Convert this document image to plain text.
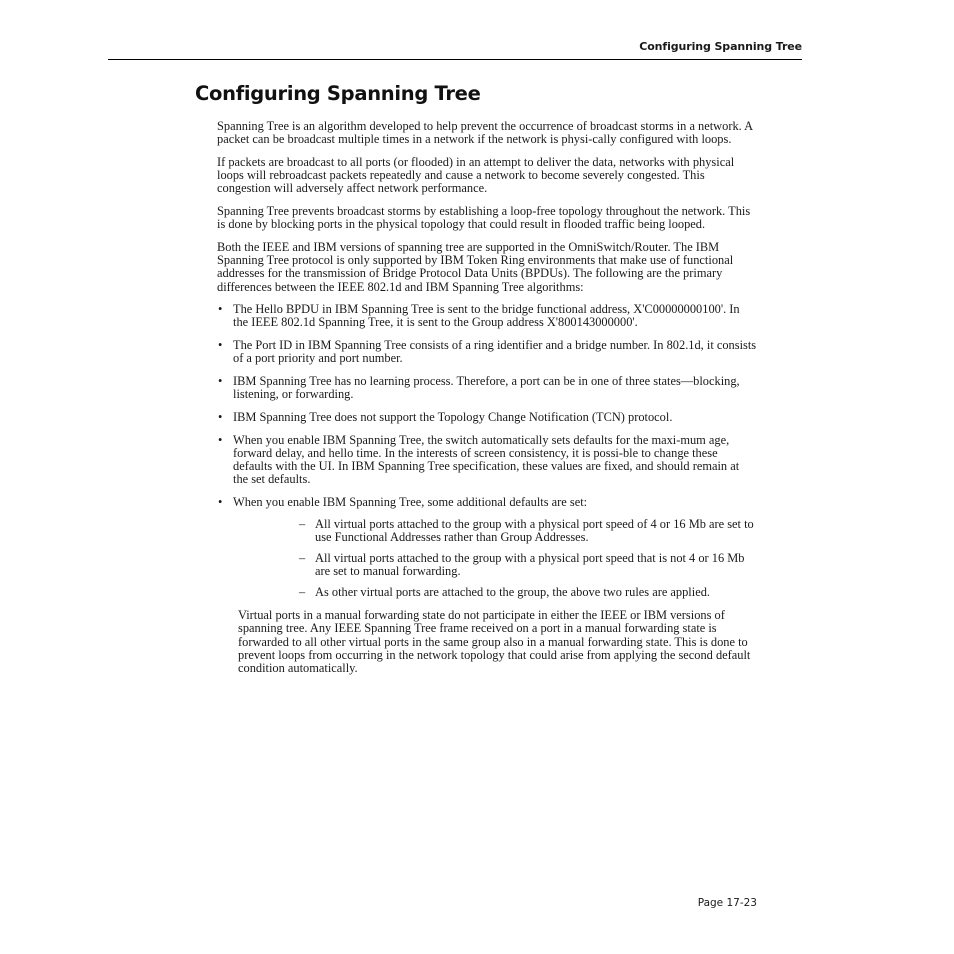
Configuring Spanning Tree
Configuring Spanning Tree

Spanning Tree is an algorithm developed to help prevent the occurrence of broadcast storms in a network. A packet can be broadcast multiple times in a network if the network is physi-cally configured with loops.

If packets are broadcast to all ports (or flooded) in an attempt to deliver the data, networks with physical loops will rebroadcast packets repeatedly and cause a network to become severely congested. This congestion will adversely affect network performance.

Spanning Tree prevents broadcast storms by establishing a loop-free topology throughout the network. This is done by blocking ports in the physical topology that could result in flooded traffic being looped.

Both the IEEE and IBM versions of spanning tree are supported in the OmniSwitch/Router. The IBM Spanning Tree protocol is only supported by IBM Token Ring environments that make use of functional addresses for the transmission of Bridge Protocol Data Units (BPDUs). The following are the primary differences between the IEEE 802.1d and IBM Spanning Tree algorithms:

• The Hello BPDU in IBM Spanning Tree is sent to the bridge functional address, X'C00000000100'. In the IEEE 802.1d Spanning Tree, it is sent to the Group address X'800143000000'.
• The Port ID in IBM Spanning Tree consists of a ring identifier and a bridge number. In 802.1d, it consists of a port priority and port number.
• IBM Spanning Tree has no learning process. Therefore, a port can be in one of three states—blocking, listening, or forwarding.
• IBM Spanning Tree does not support the Topology Change Notification (TCN) protocol.
• When you enable IBM Spanning Tree, the switch automatically sets defaults for the maxi-mum age, forward delay, and hello time. In the interests of screen consistency, it is possi-ble to change these defaults with the UI. In IBM Spanning Tree specification, these values are fixed, and should remain at the set defaults.
• When you enable IBM Spanning Tree, some additional defaults are set:
– All virtual ports attached to the group with a physical port speed of 4 or 16 Mb are set to use Functional Addresses rather than Group Addresses.
– All virtual ports attached to the group with a physical port speed that is not 4 or 16 Mb are set to manual forwarding.
– As other virtual ports are attached to the group, the above two rules are applied.

Virtual ports in a manual forwarding state do not participate in either the IEEE or IBM versions of spanning tree. Any IEEE Spanning Tree frame received on a port in a manual forwarding state is forwarded to all other virtual ports in the same group also in a manual forwarding state. This is done to prevent loops from occurring in the network topology that could arise from applying the second default condition automatically.

Page 17-23
